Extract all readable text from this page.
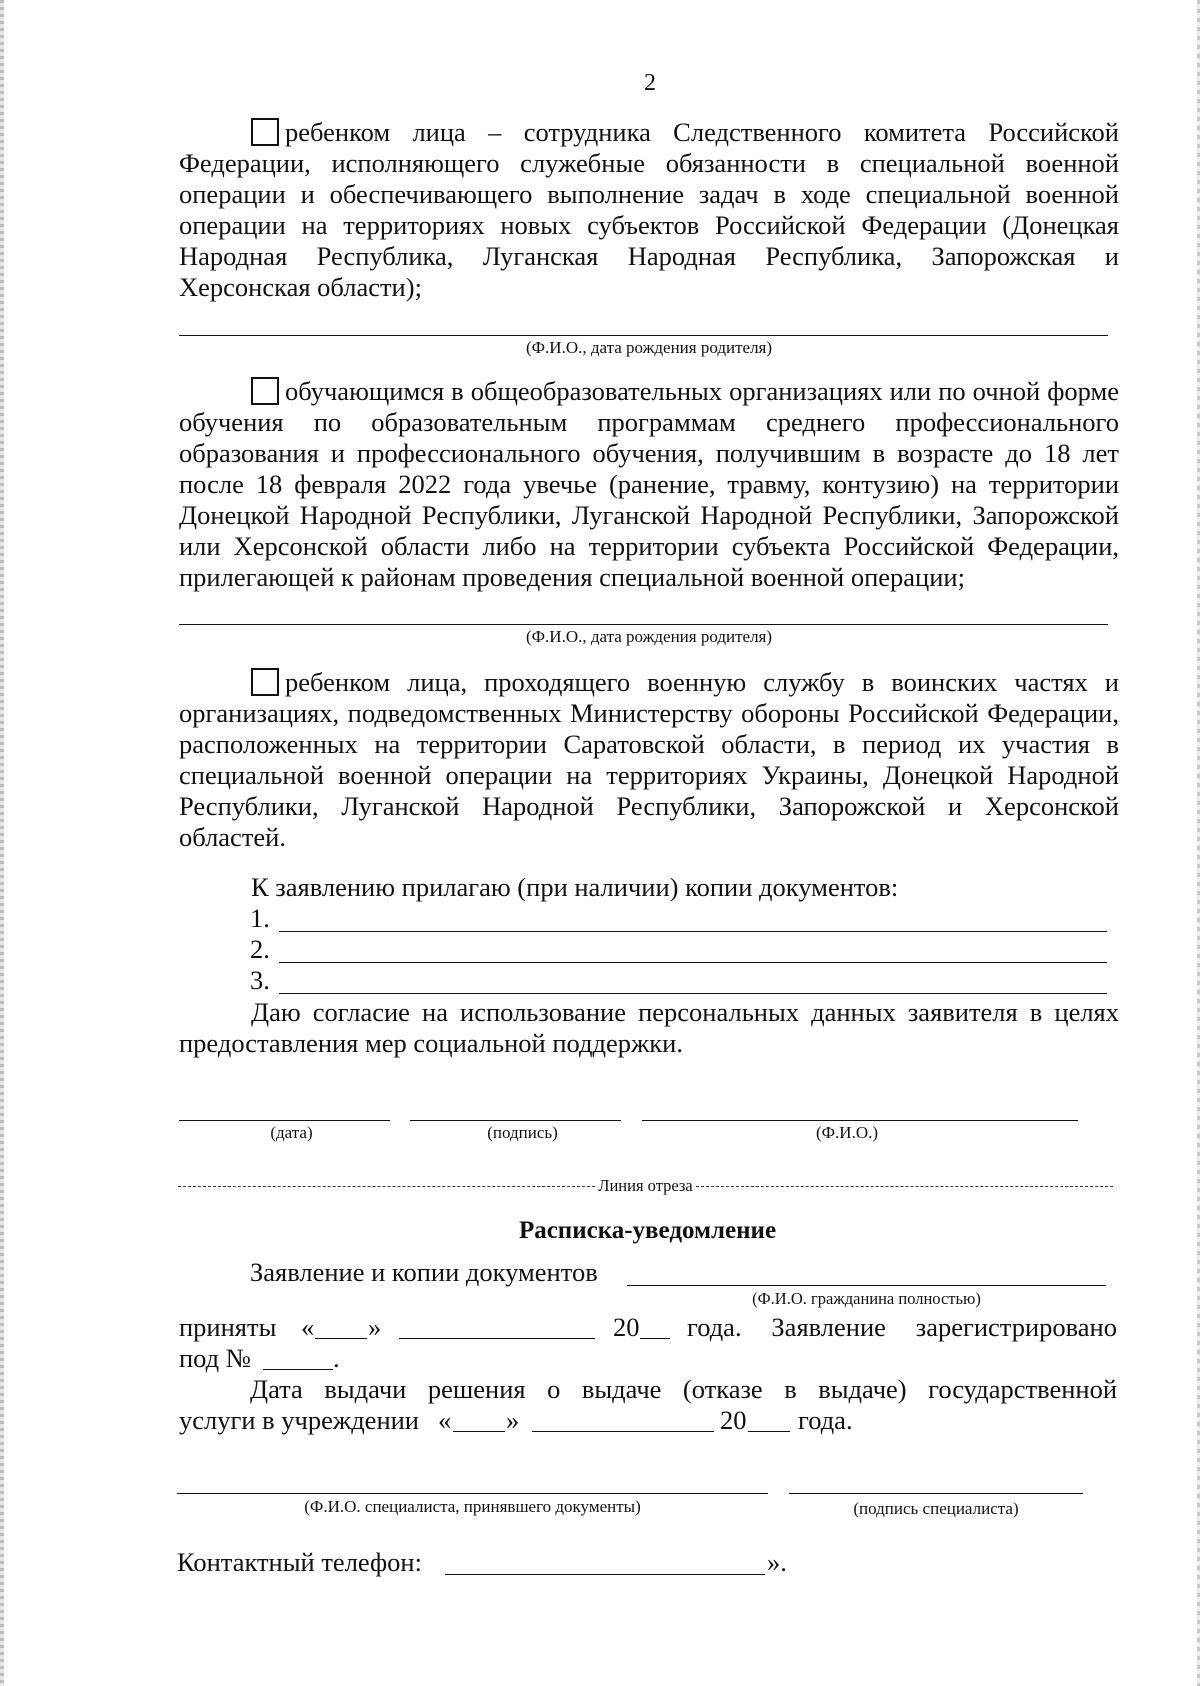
2
ребенком лица – сотрудника Следственного комитета Российской Федерации, исполняющего служебные обязанности в специальной военной операции и обеспечивающего выполнение задач в ходе специальной военной операции на территориях новых субъектов Российской Федерации (Донецкая Народная Республика, Луганская Народная Республика, Запорожская и Херсонская области);
(Ф.И.О., дата рождения родителя)
обучающимся в общеобразовательных организациях или по очной форме обучения по образовательным программам среднего профессионального образования и профессионального обучения, получившим в возрасте до 18 лет после 18 февраля 2022 года увечье (ранение, травму, контузию) на территории Донецкой Народной Республики, Луганской Народной Республики, Запорожской или Херсонской области либо на территории субъекта Российской Федерации, прилегающей к районам проведения специальной военной операции;
(Ф.И.О., дата рождения родителя)
ребенком лица, проходящего военную службу в воинских частях и организациях, подведомственных Министерству обороны Российской Федерации, расположенных на территории Саратовской области, в период их участия в специальной военной операции на территориях Украины, Донецкой Народной Республики, Луганской Народной Республики, Запорожской и Херсонской областей.
К заявлению прилагаю (при наличии) копии документов:
1.
2.
3.
Даю согласие на использование персональных данных заявителя в целях предоставления мер социальной поддержки.
(дата)	(подпись)	(Ф.И.О.)
Линия отреза
Расписка-уведомление
Заявление и копии документов
(Ф.И.О. гражданина полностью)
приняты « »	20 года. Заявление зарегистрировано
под №	.
Дата выдачи решения о выдаче (отказе в выдаче) государственной
услуги в учреждении « »	20 года.
(Ф.И.О. специалиста, принявшего документы)	(подпись специалиста)
Контактный телефон:	».
